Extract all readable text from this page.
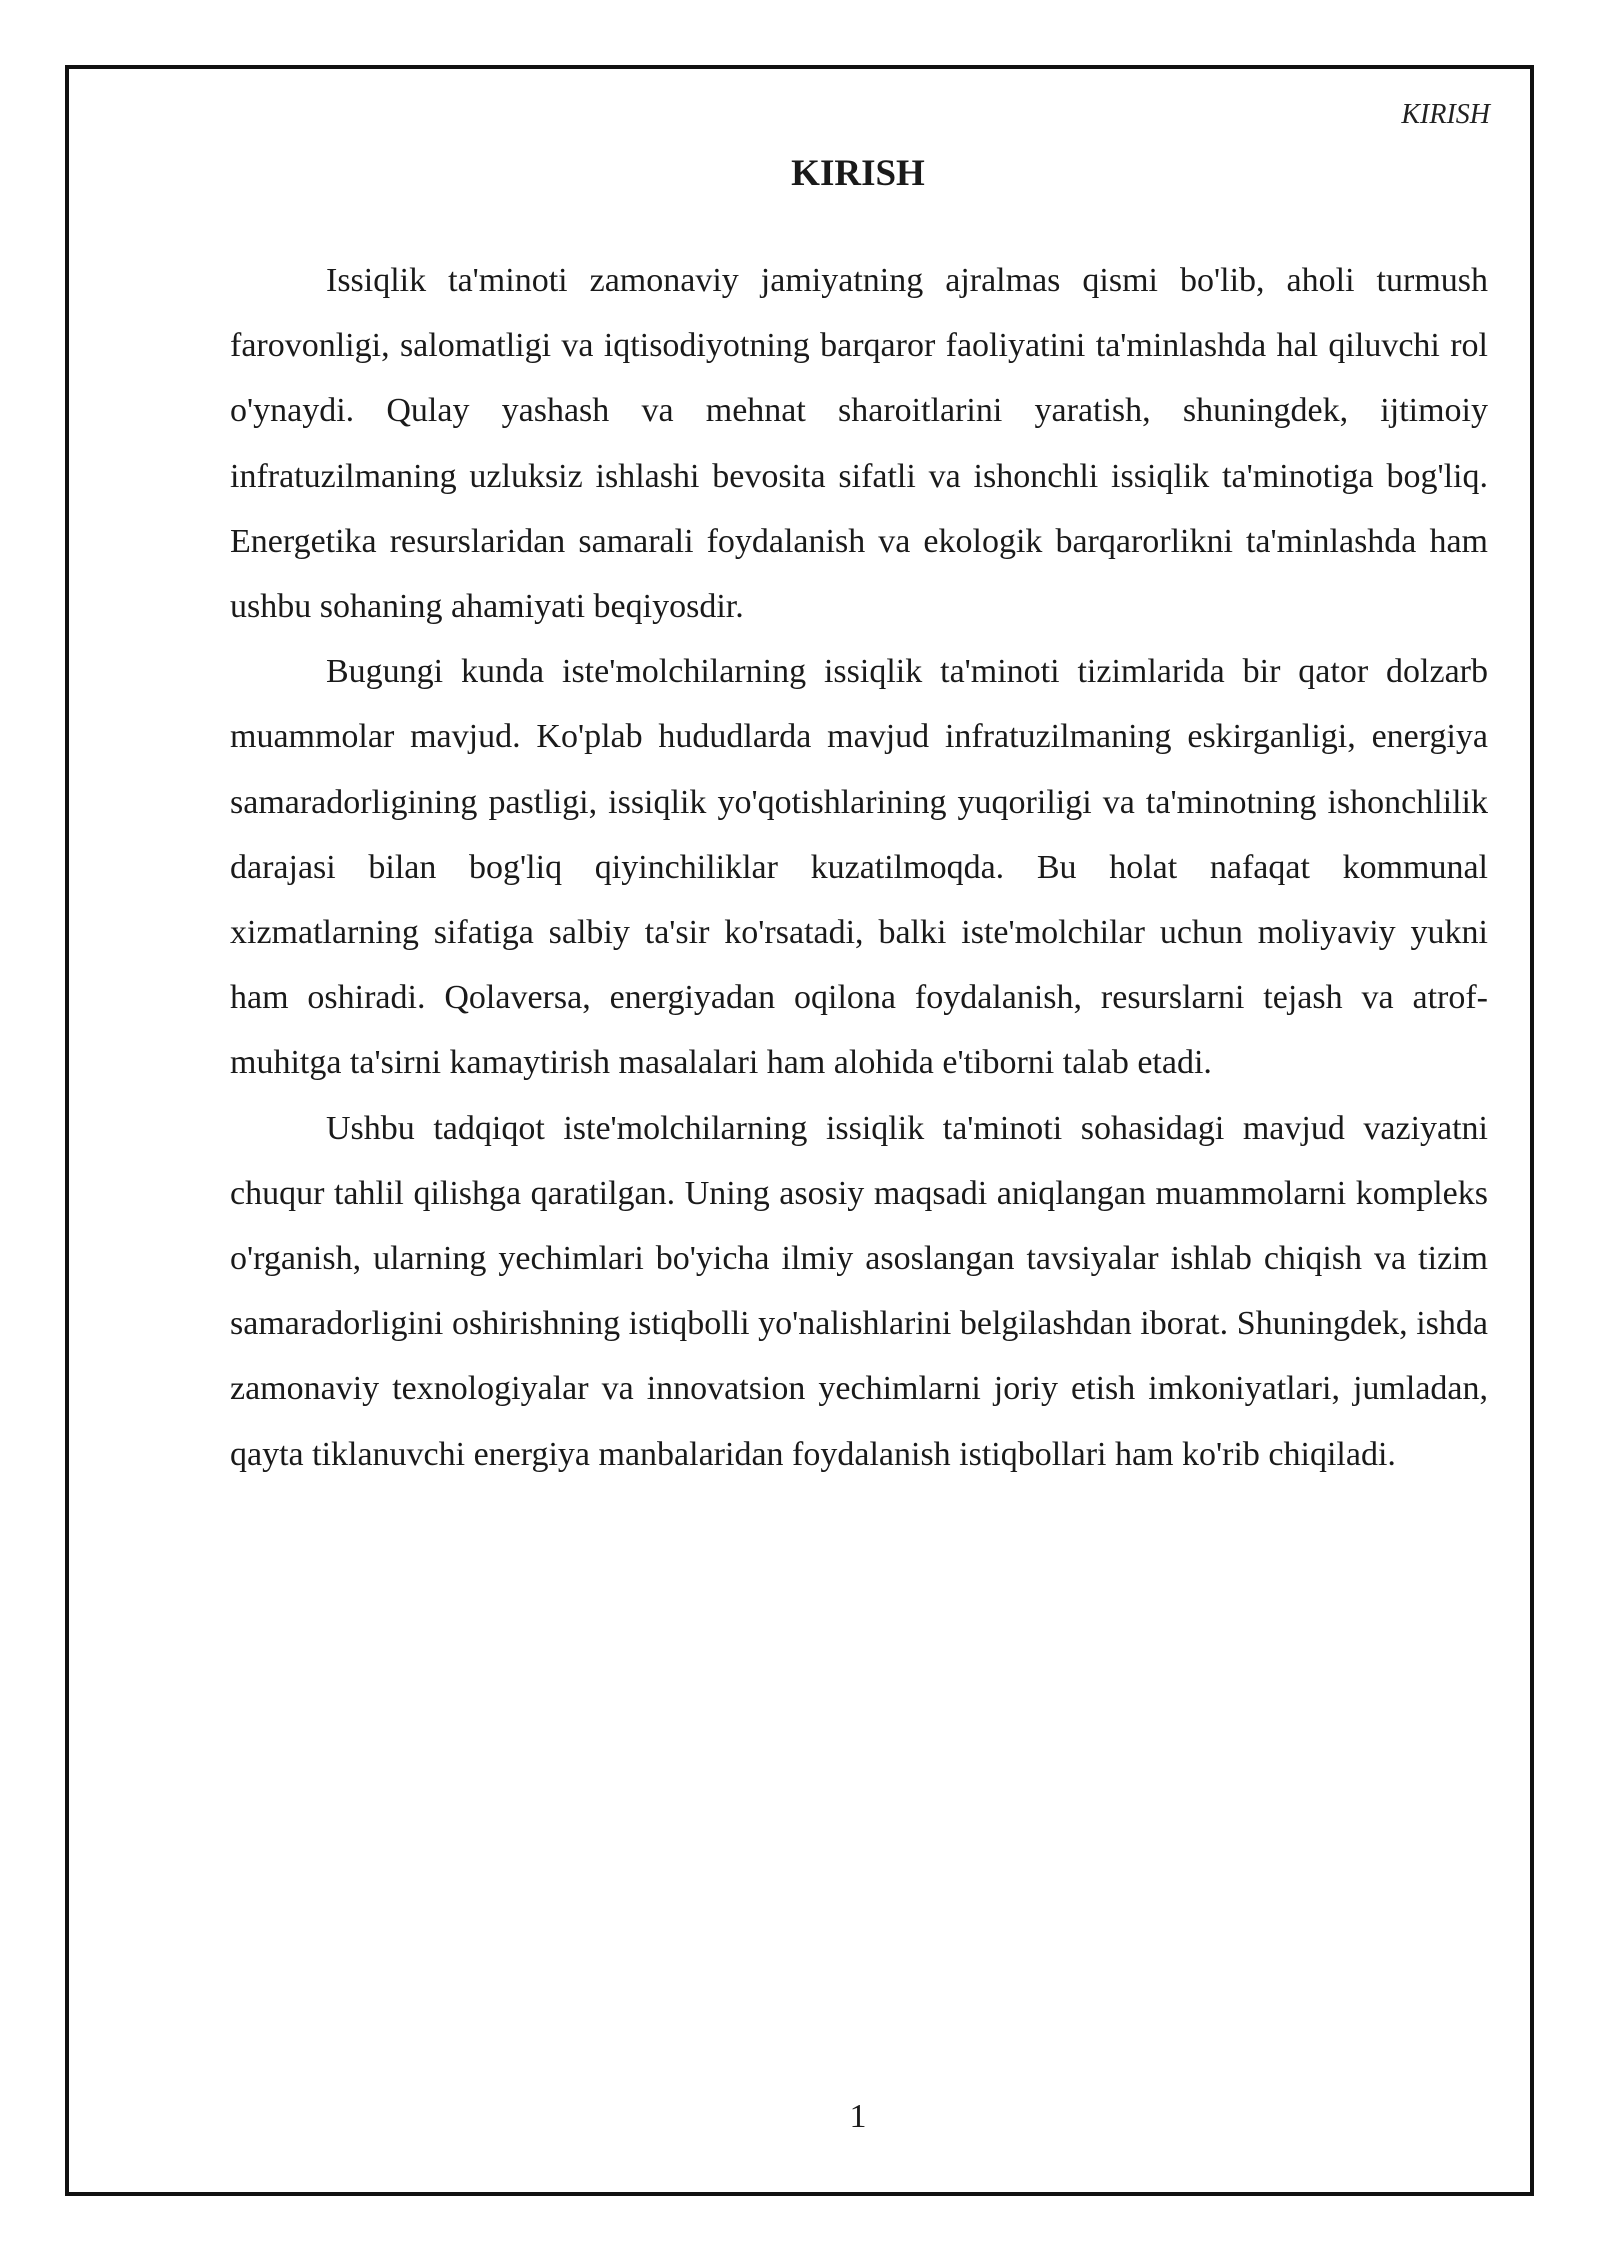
KIRISH
KIRISH

Issiqlik ta'minoti zamonaviy jamiyatning ajralmas qismi bo'lib, aholi turmush farovonligi, salomatligi va iqtisodiyotning barqaror faoliyatini ta'minlashda hal qiluvchi rol o'ynaydi. Qulay yashash va mehnat sharoitlarini yaratish, shuningdek, ijtimoiy infratuzilmaning uzluksiz ishlashi bevosita sifatli va ishonchli issiqlik ta'minotiga bog'liq. Energetika resurslaridan samarali foydalanish va ekologik barqarorlikni ta'minlashda ham ushbu sohaning ahamiyati beqiyosdir.

Bugungi kunda iste'molchilarning issiqlik ta'minoti tizimlarida bir qator dolzarb muammolar mavjud. Ko'plab hududlarda mavjud infratuzilmaning eskirganligi, energiya samaradorligining pastligi, issiqlik yo'qotishlarining yuqoriligi va ta'minotning ishonchlilik darajasi bilan bog'liq qiyinchiliklar kuzatilmoqda. Bu holat nafaqat kommunal xizmatlarning sifatiga salbiy ta'sir ko'rsatadi, balki iste'molchilar uchun moliyaviy yukni ham oshiradi. Qolaversa, energiyadan oqilona foydalanish, resurslarni tejash va atrof-muhitga ta'sirni kamaytirish masalalari ham alohida e'tiborni talab etadi.

Ushbu tadqiqot iste'molchilarning issiqlik ta'minoti sohasidagi mavjud vaziyatni chuqur tahlil qilishga qaratilgan. Uning asosiy maqsadi aniqlangan muammolarni kompleks o'rganish, ularning yechimlari bo'yicha ilmiy asoslangan tavsiyalar ishlab chiqish va tizim samaradorligini oshirishning istiqbolli yo'nalishlarini belgilashdan iborat. Shuningdek, ishda zamonaviy texnologiyalar va innovatsion yechimlarni joriy etish imkoniyatlari, jumladan, qayta tiklanuvchi energiya manbalaridan foydalanish istiqbollari ham ko'rib chiqiladi.

1
